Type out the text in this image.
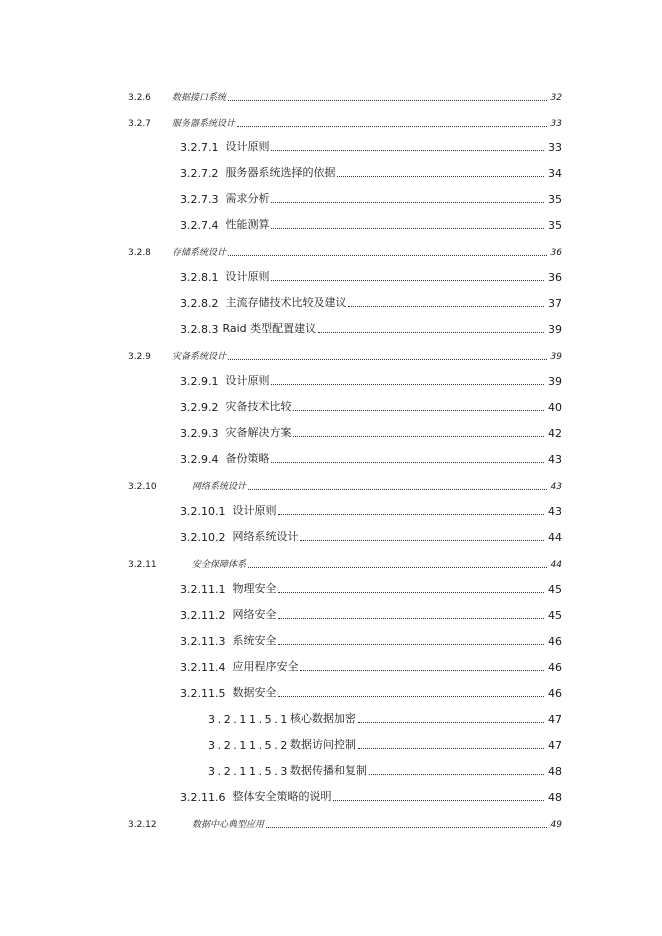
3.2.6	数据接口系统	32
3.2.7	服务器系统设计	33
3.2.7.1 设计原则	33
3.2.7.2 服务器系统选择的依据	34
3.2.7.3 需求分析	35
3.2.7.4 性能测算	35
3.2.8	存储系统设计	36
3.2.8.1 设计原则	36
3.2.8.2 主流存储技术比较及建议	37
3.2.8.3 Raid 类型配置建议	39
3.2.9	灾备系统设计	39
3.2.9.1 设计原则	39
3.2.9.2 灾备技术比较	40
3.2.9.3 灾备解决方案	42
3.2.9.4 备份策略	43
3.2.10	网络系统设计	43
3.2.10.1 设计原则	43
3.2.10.2 网络系统设计	44
3.2.11	安全保障体系	44
3.2.11.1 物理安全	45
3.2.11.2 网络安全	45
3.2.11.3 系统安全	46
3.2.11.4 应用程序安全	46
3.2.11.5 数据安全	46
3.2.11.5.1 核心数据加密	47
3.2.11.5.2 数据访问控制	47
3.2.11.5.3 数据传播和复制	48
3.2.11.6 整体安全策略的说明	48
3.2.12	数据中心典型应用	49
